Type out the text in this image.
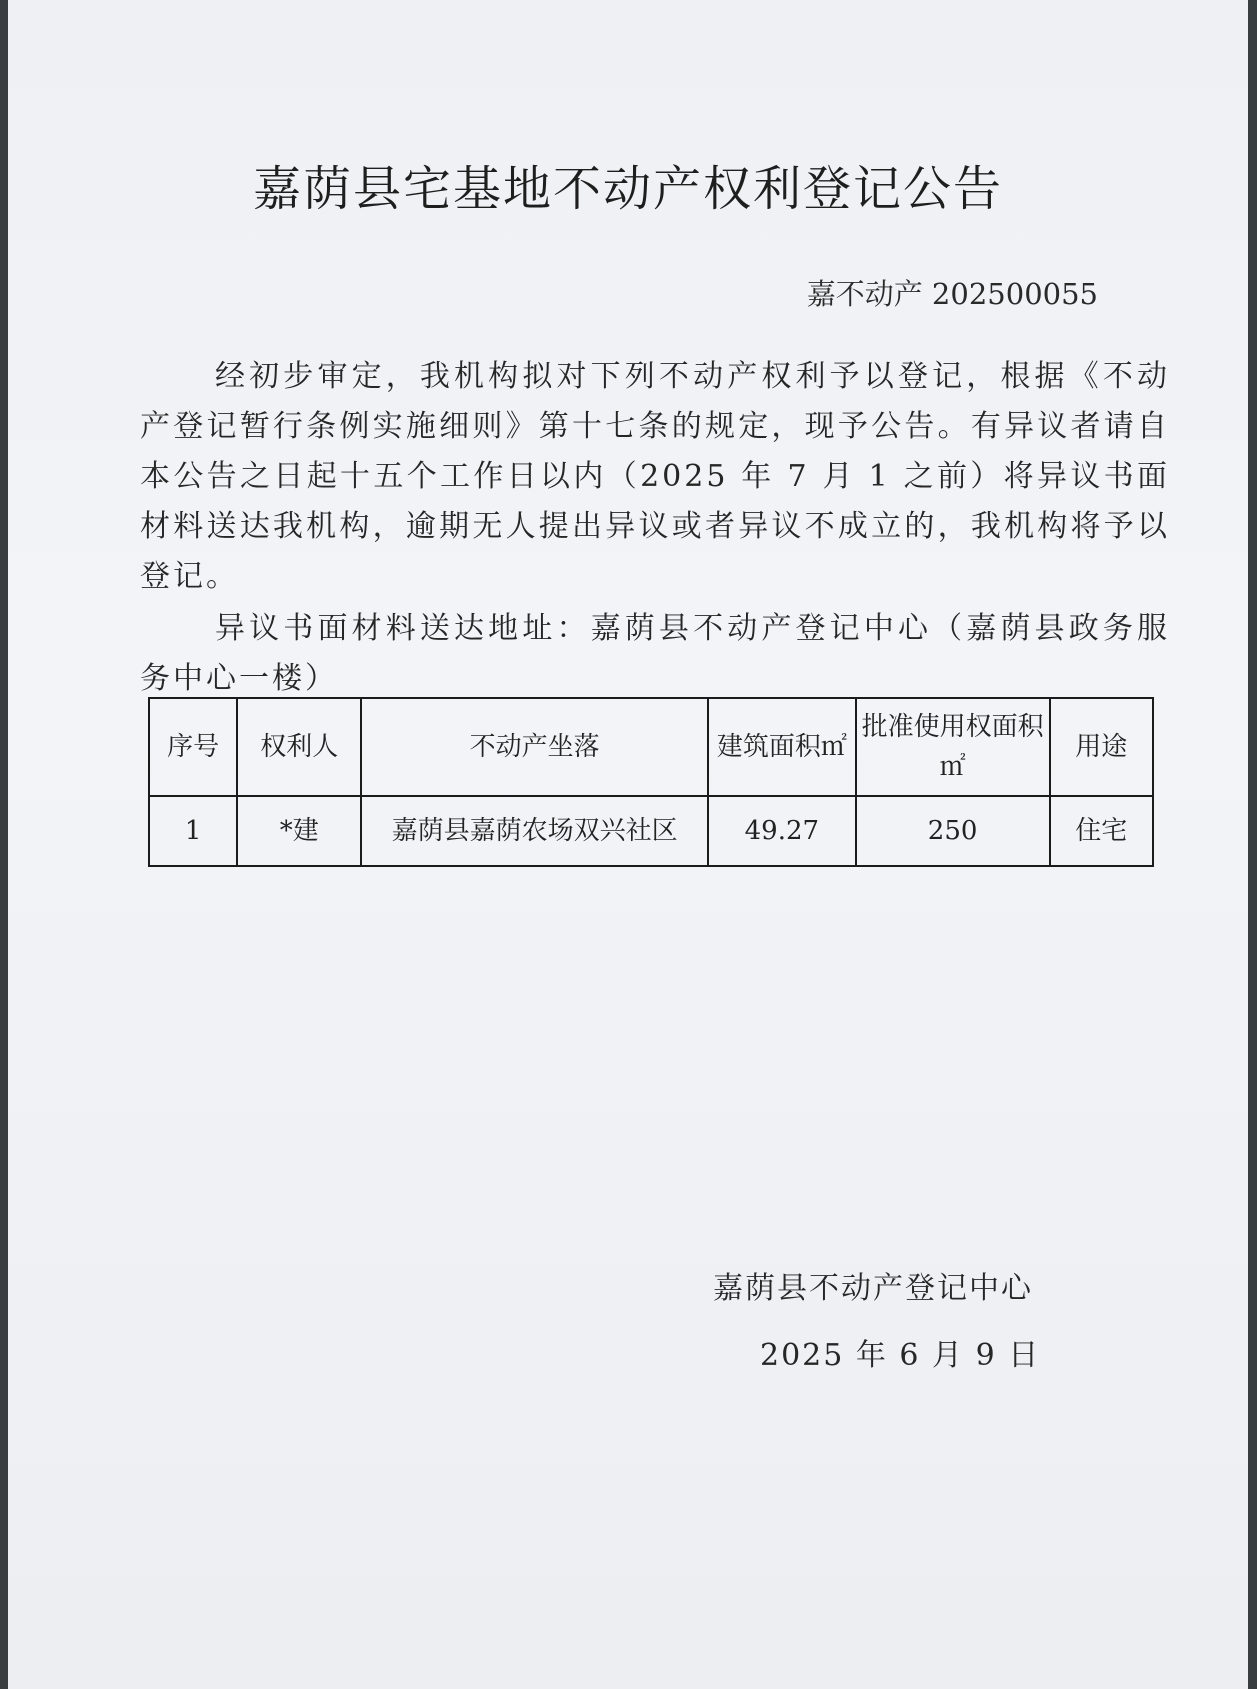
嘉荫县宅基地不动产权利登记公告
嘉不动产 202500055

经初步审定，我机构拟对下列不动产权利予以登记，根据《不动产登记暂行条例实施细则》第十七条的规定，现予公告。有异议者请自本公告之日起十五个工作日以内（2025 年 7 月 1 之前）将异议书面材料送达我机构，逾期无人提出异议或者异议不成立的，我机构将予以登记。

异议书面材料送达地址：嘉荫县不动产登记中心（嘉荫县政务服务中心一楼）

序号	权利人	不动产坐落	建筑面积㎡	批准使用权面积㎡	用途
1	*建	嘉荫县嘉荫农场双兴社区	49.27	250	住宅
嘉荫县不动产登记中心
2025 年 6 月 9 日
